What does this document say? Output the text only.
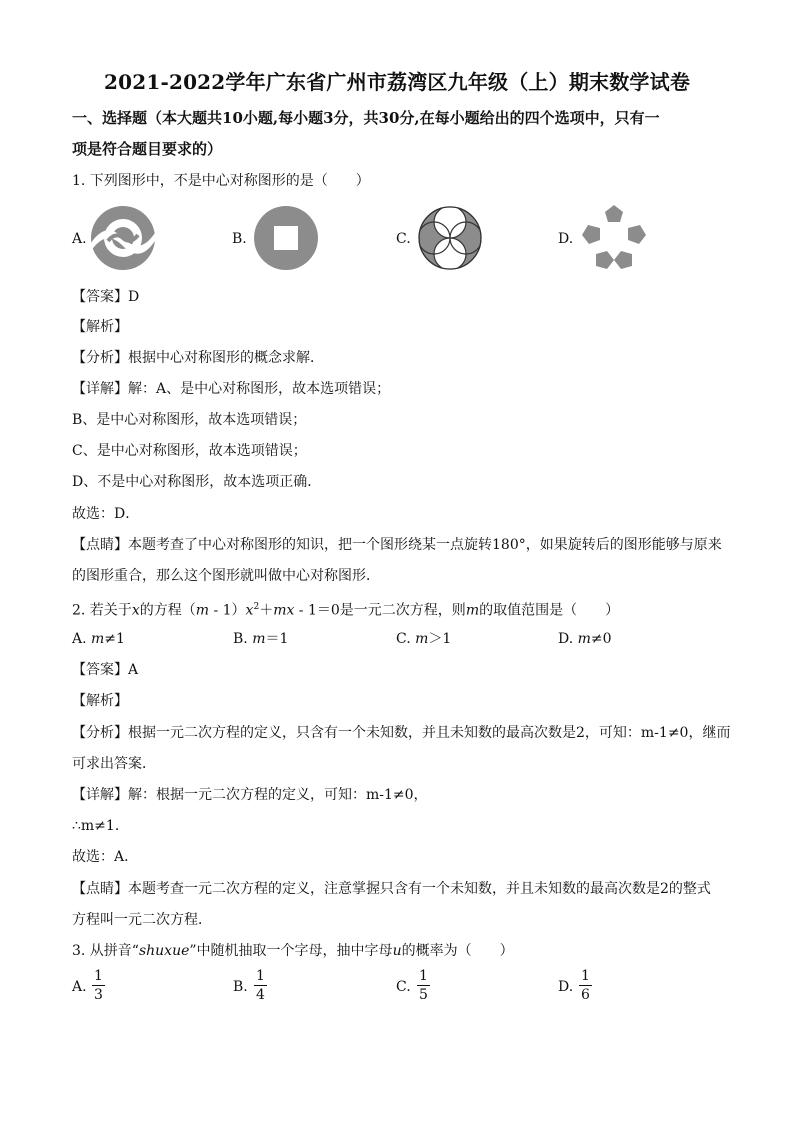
2021-2022学年广东省广州市荔湾区九年级（上）期末数学试卷
一、选择题（本大题共10小题,每小题3分，共30分,在每小题给出的四个选项中，只有一
项是符合题目要求的）
1. 下列图形中，不是中心对称图形的是（　　）
A.	B.	C.	D.
【答案】D
【解析】
【分析】根据中心对称图形的概念求解．
【详解】解：A、是中心对称图形，故本选项错误；
B、是中心对称图形，故本选项错误；
C、是中心对称图形，故本选项错误；
D、不是中心对称图形，故本选项正确．
故选：D．
【点睛】本题考查了中心对称图形的知识，把一个图形绕某一点旋转180°，如果旋转后的图形能够与原来
的图形重合，那么这个图形就叫做中心对称图形．
2. 若关于x的方程$(m - 1)x^2+mx - 1=0$是一元二次方程，则m的取值范围是（　　）
A. m≠1	B. m＝1	C. m＞1	D. m≠0
【答案】A
【解析】
【分析】根据一元二次方程的定义，只含有一个未知数，并且未知数的最高次数是2，可知：m-1≠0，继而
可求出答案．
【详解】解：根据一元二次方程的定义，可知：m-1≠0，
∴m≠1．
故选：A．
【点睛】本题考查一元二次方程的定义，注意掌握只含有一个未知数，并且未知数的最高次数是2的整式
方程叫一元二次方程．
3. 从拼音“shuxue”中随机抽取一个字母，抽中字母u的概率为（　　）
A. $\frac{1}{3}$	B. $\frac{1}{4}$	C. $\frac{1}{5}$	D. $\frac{1}{6}$
